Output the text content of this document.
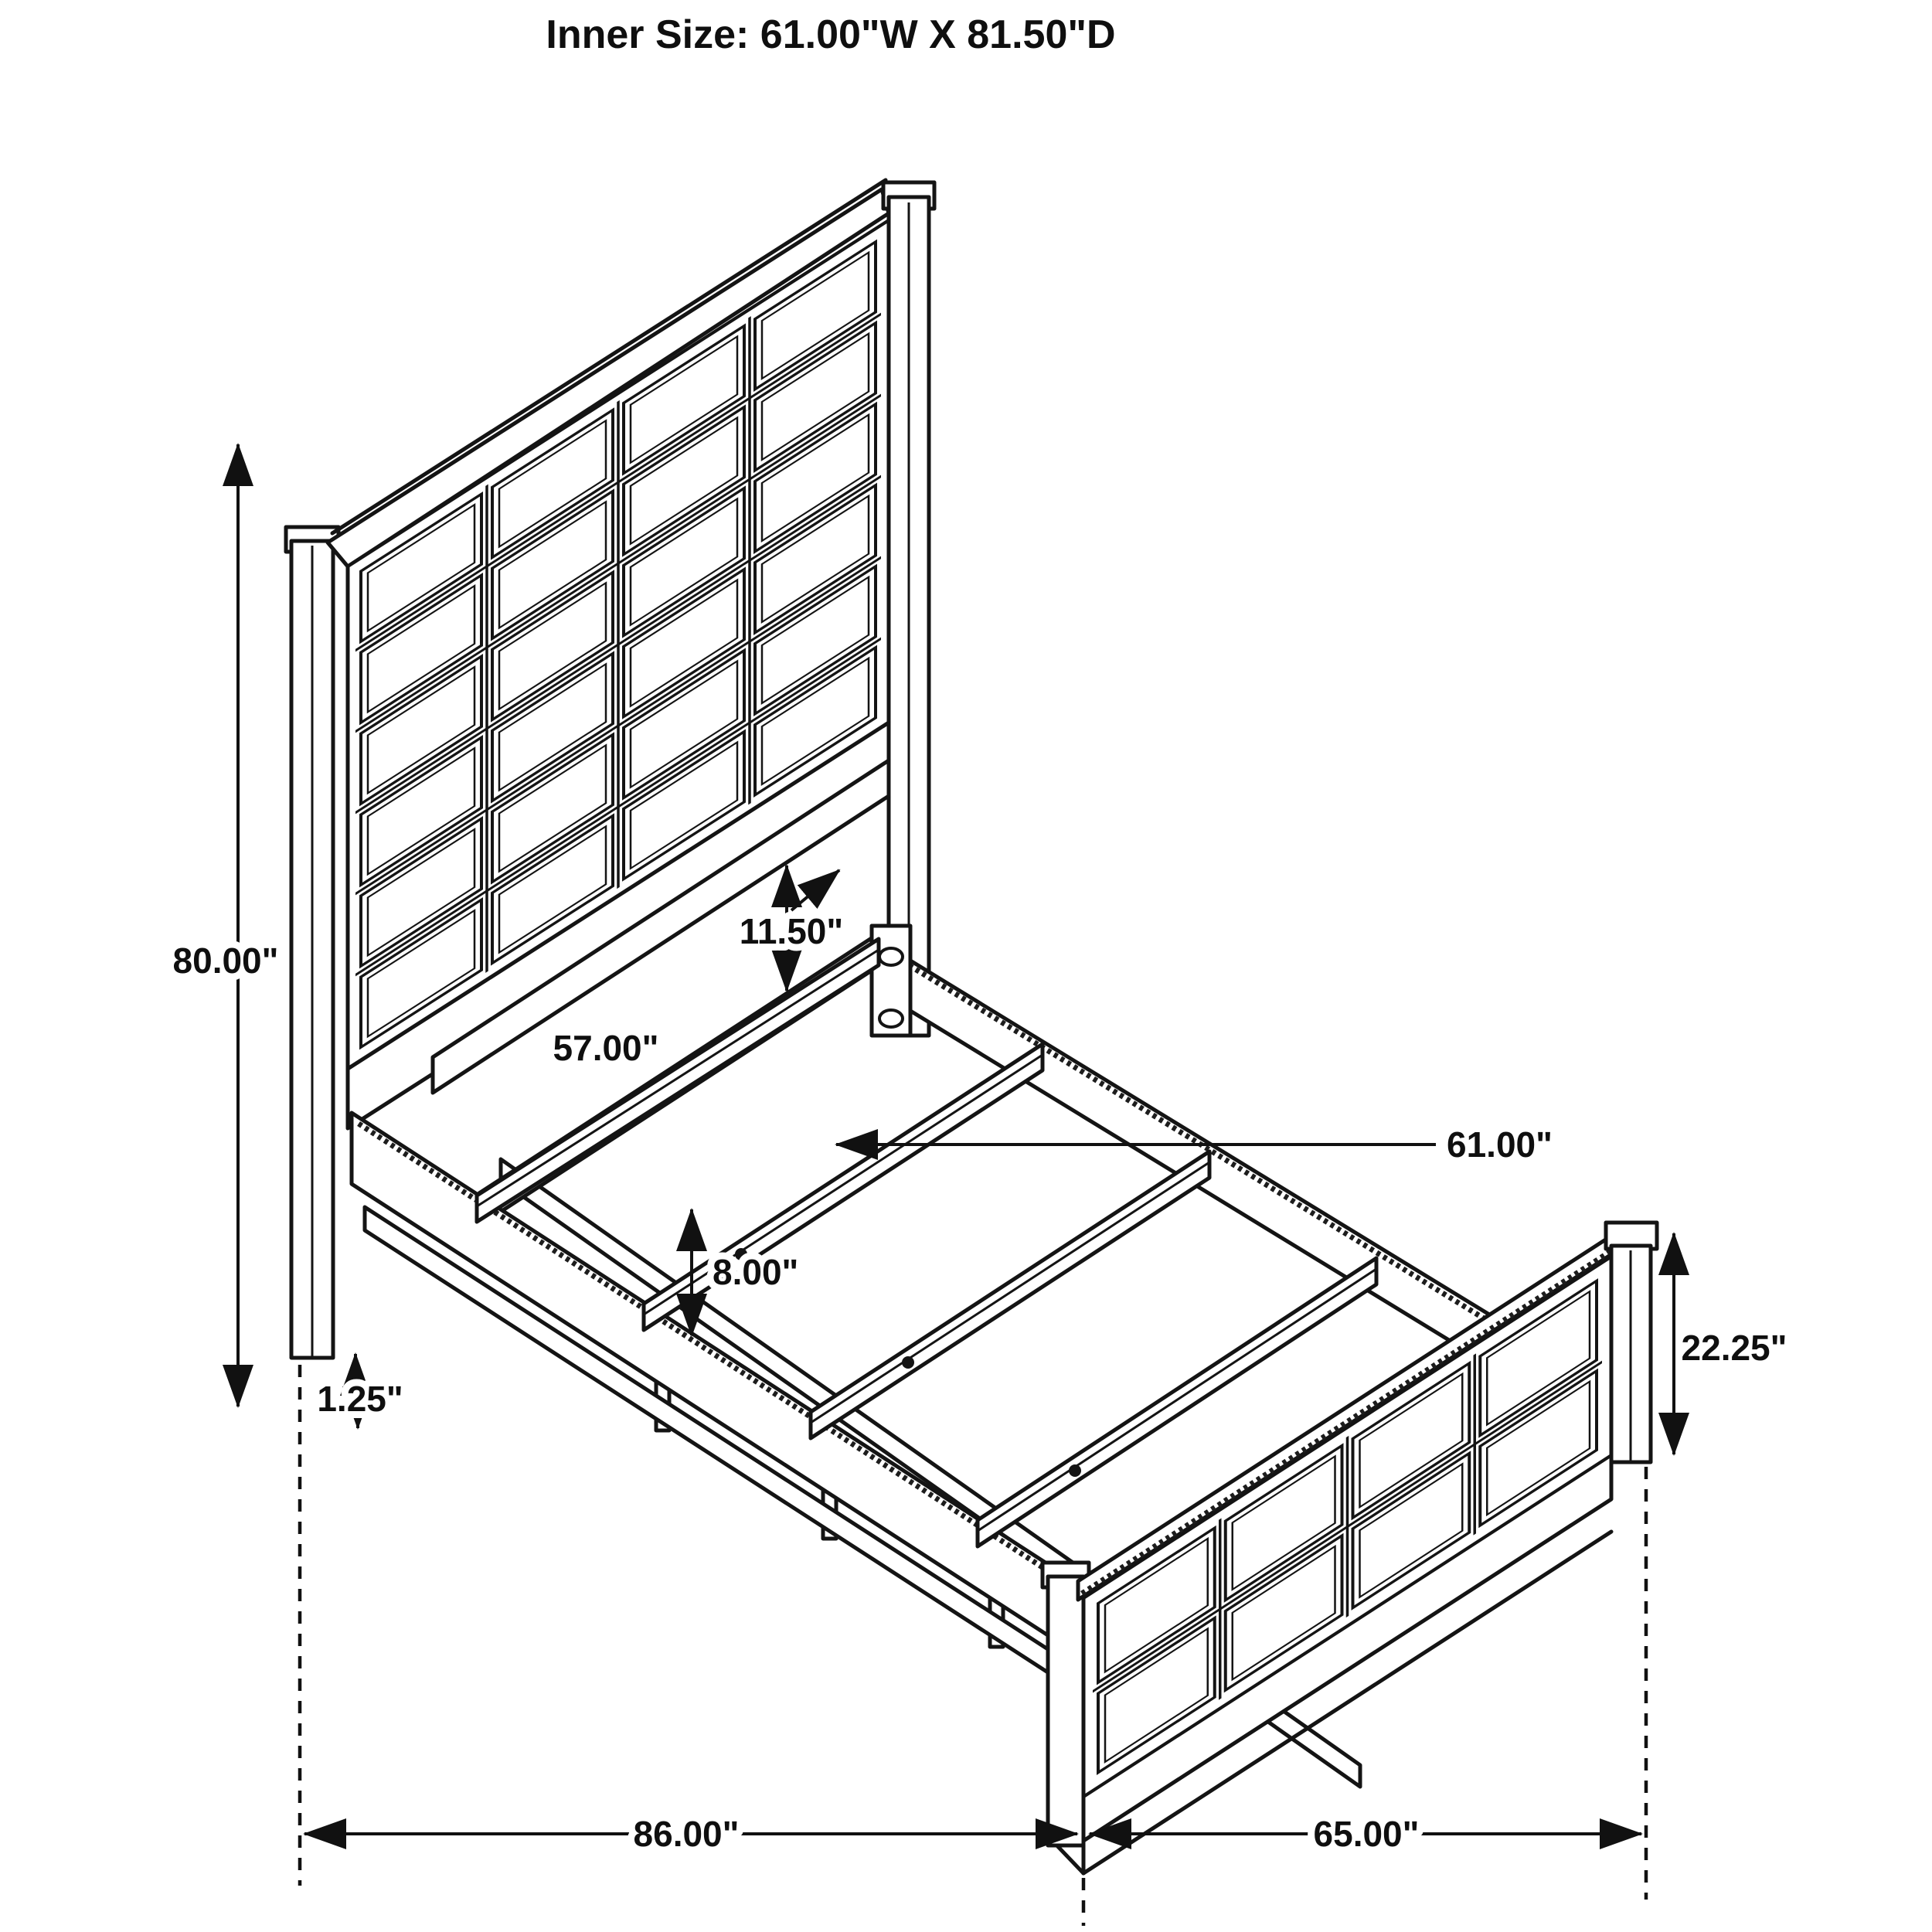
80.00"
57.00"
11.50"
61.00"
8.00"
1.25"
22.25"
86.00"	65.00"
Inner Size: 61.00"W X 81.50"D
